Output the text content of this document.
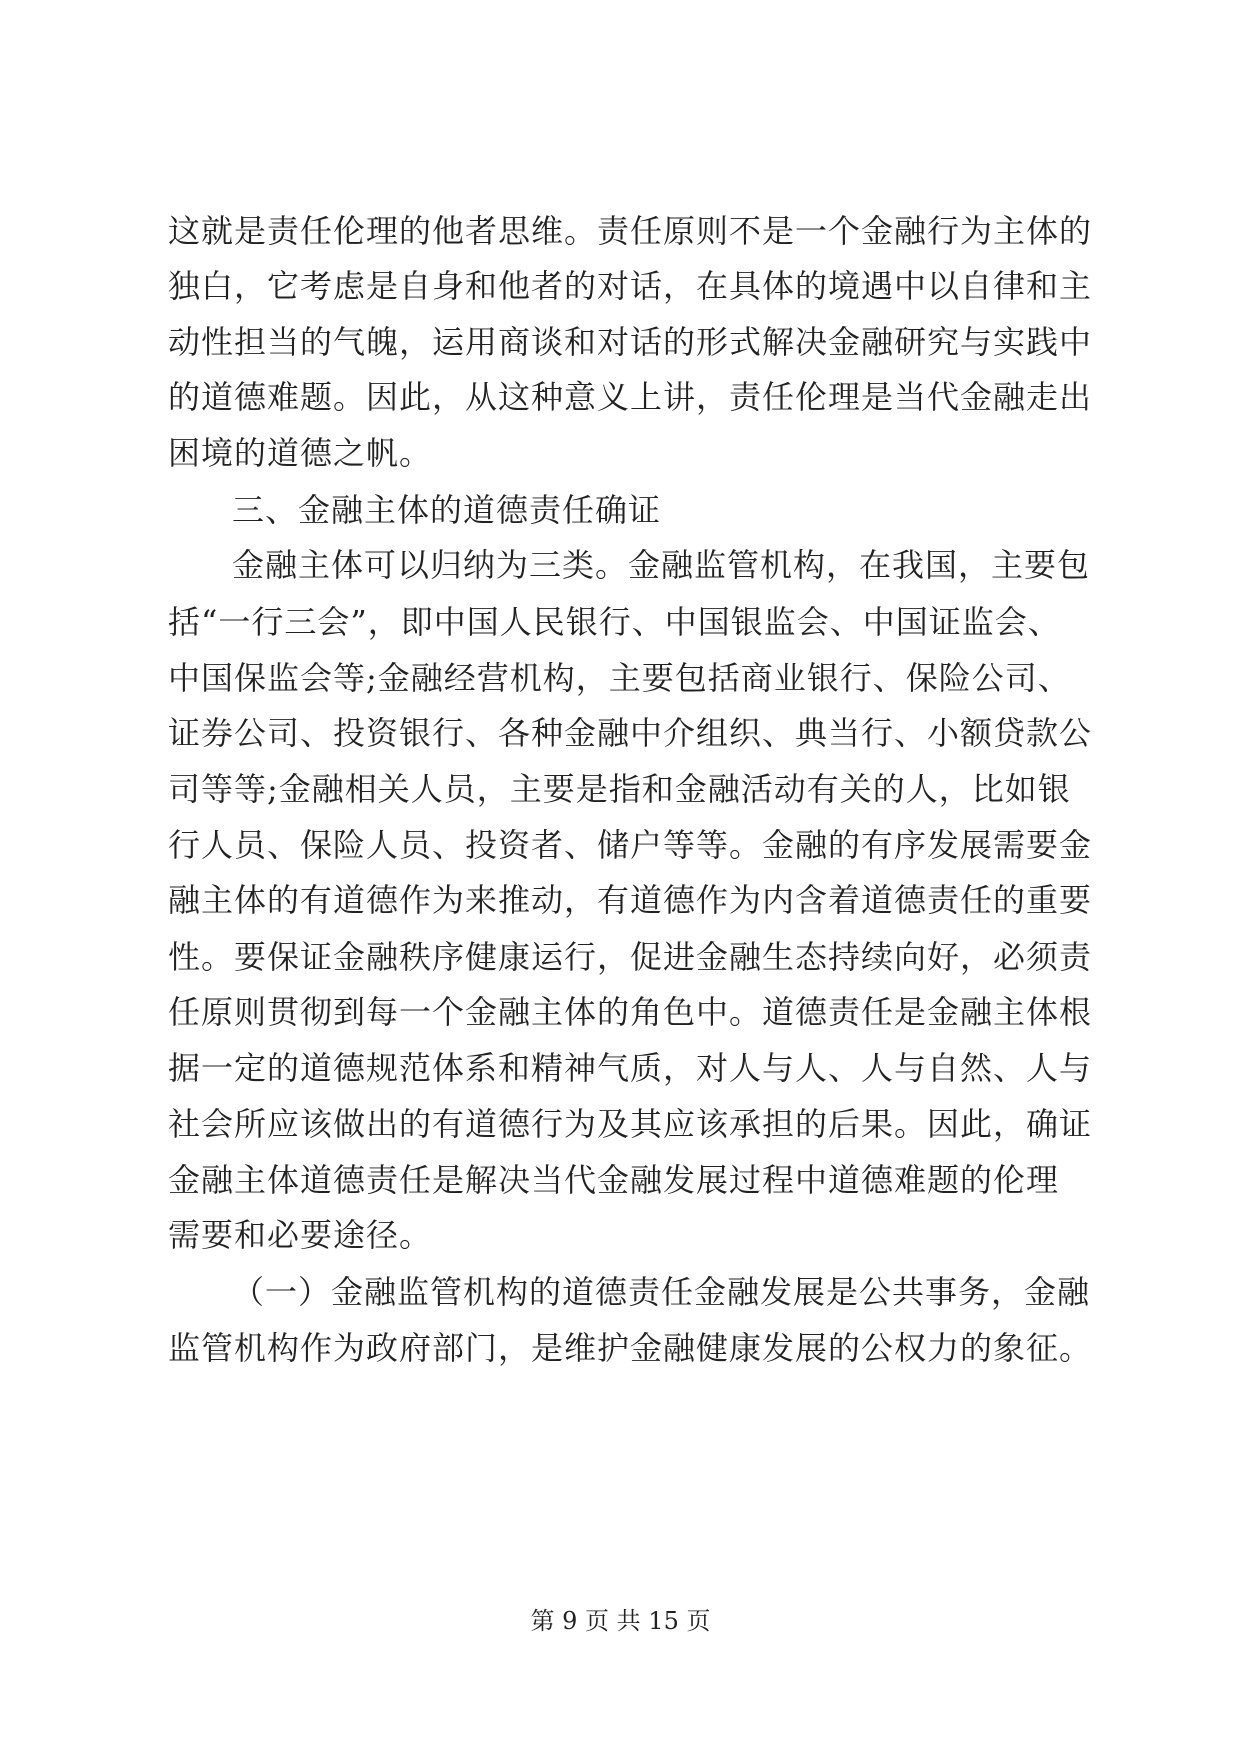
这就是责任伦理的他者思维。责任原则不是一个金融行为主体的
独白，它考虑是自身和他者的对话，在具体的境遇中以自律和主
动性担当的气魄，运用商谈和对话的形式解决金融研究与实践中
的道德难题。因此，从这种意义上讲，责任伦理是当代金融走出
困境的道德之帆。
三、金融主体的道德责任确证
金融主体可以归纳为三类。金融监管机构，在我国，主要包
括“一行三会”，即中国人民银行、中国银监会、中国证监会、
中国保监会等;金融经营机构，主要包括商业银行、保险公司、
证券公司、投资银行、各种金融中介组织、典当行、小额贷款公
司等等;金融相关人员，主要是指和金融活动有关的人，比如银
行人员、保险人员、投资者、储户等等。金融的有序发展需要金
融主体的有道德作为来推动，有道德作为内含着道德责任的重要
性。要保证金融秩序健康运行，促进金融生态持续向好，必须责
任原则贯彻到每一个金融主体的角色中。道德责任是金融主体根
据一定的道德规范体系和精神气质，对人与人、人与自然、人与
社会所应该做出的有道德行为及其应该承担的后果。因此，确证
金融主体道德责任是解决当代金融发展过程中道德难题的伦理
需要和必要途径。
（一）金融监管机构的道德责任金融发展是公共事务，金融
监管机构作为政府部门，是维护金融健康发展的公权力的象征。
第 9 页 共 15 页
